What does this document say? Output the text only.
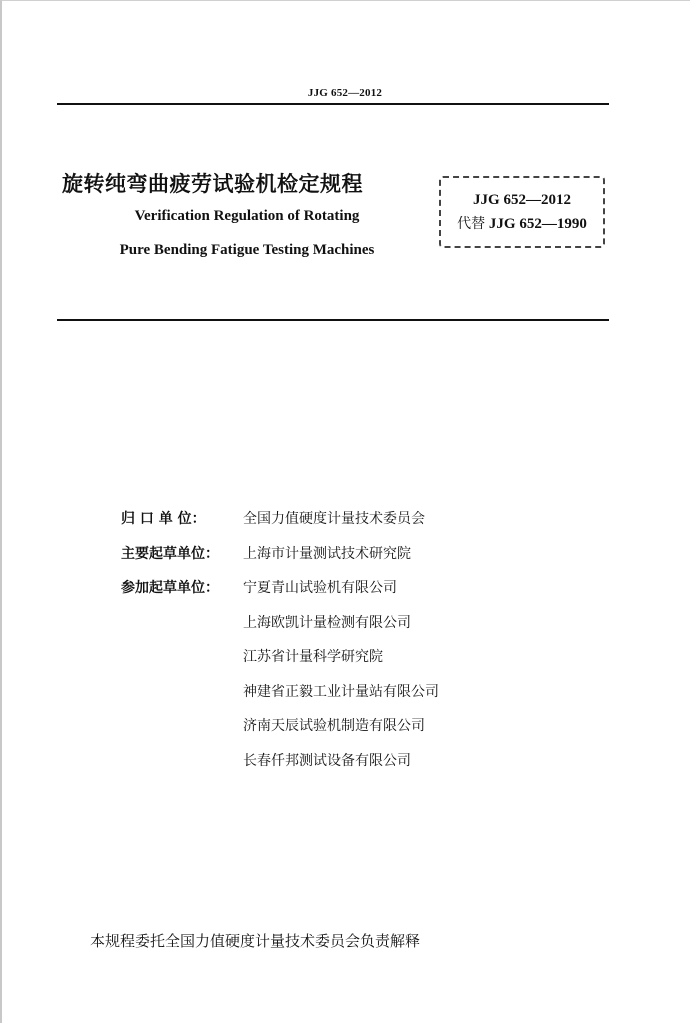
JJG 652—2012
旋转纯弯曲疲劳试验机检定规程
Verification Regulation of Rotating
Pure Bending Fatigue Testing Machines
JJG 652—2012
代替 JJG 652—1990
归 口 单 位：	全国力值硬度计量技术委员会
主要起草单位：	上海市计量测试技术研究院
参加起草单位：	宁夏青山试验机有限公司
上海欧凯计量检测有限公司
江苏省计量科学研究院
神建省正毅工业计量站有限公司
济南天辰试验机制造有限公司
长春仟邦测试设备有限公司
本规程委托全国力值硬度计量技术委员会负责解释
